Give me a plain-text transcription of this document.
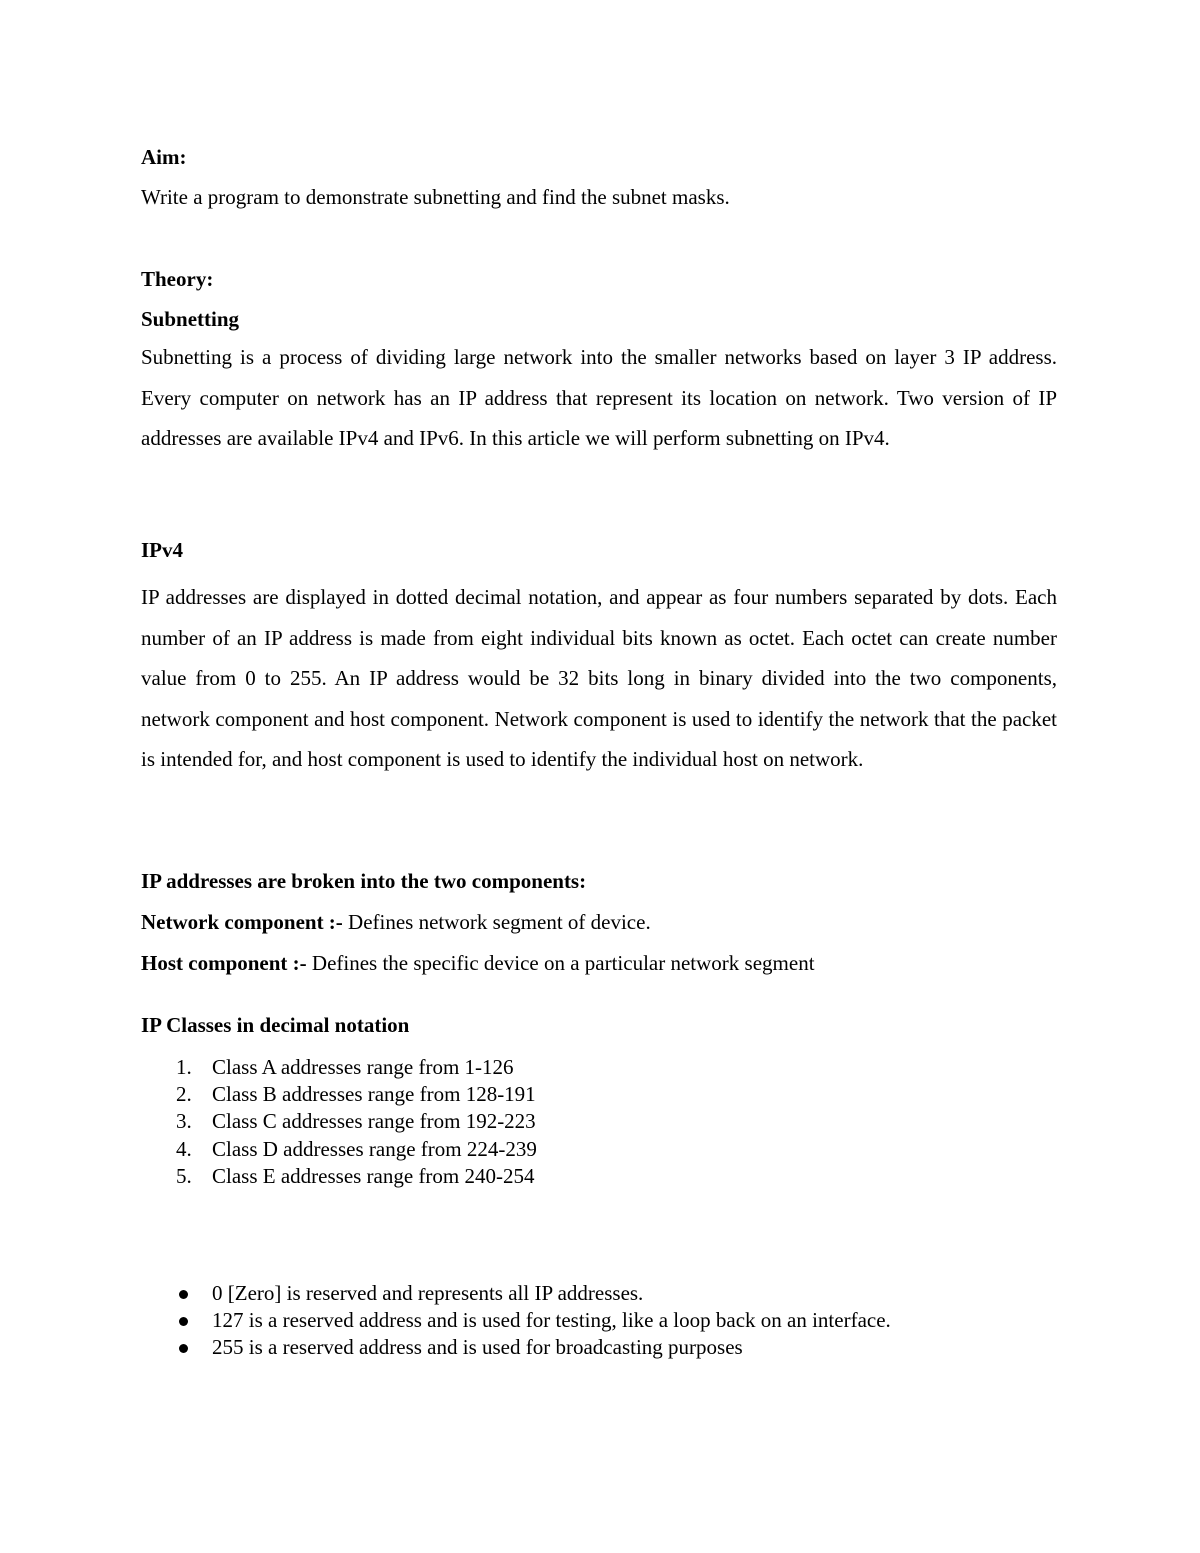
Aim:
Write a program to demonstrate subnetting and find the subnet masks.
Theory:
Subnetting
Subnetting is a process of dividing large network into the smaller networks based on layer 3 IP address. Every computer on network has an IP address that represent its location on network. Two version of IP addresses are available IPv4 and IPv6. In this article we will perform subnetting on IPv4.
IPv4
IP addresses are displayed in dotted decimal notation, and appear as four numbers separated by dots. Each number of an IP address is made from eight individual bits known as octet. Each octet can create number value from 0 to 255. An IP address would be 32 bits long in binary divided into the two components, network component and host component. Network component is used to identify the network that the packet is intended for, and host component is used to identify the individual host on network.
IP addresses are broken into the two components:
Network component :- Defines network segment of device.
Host component :- Defines the specific device on a particular network segment
IP Classes in decimal notation
1. Class A addresses range from 1-126
2. Class B addresses range from 128-191
3. Class C addresses range from 192-223
4. Class D addresses range from 224-239
5. Class E addresses range from 240-254
0 [Zero] is reserved and represents all IP addresses.
127 is a reserved address and is used for testing, like a loop back on an interface.
255 is a reserved address and is used for broadcasting purposes
